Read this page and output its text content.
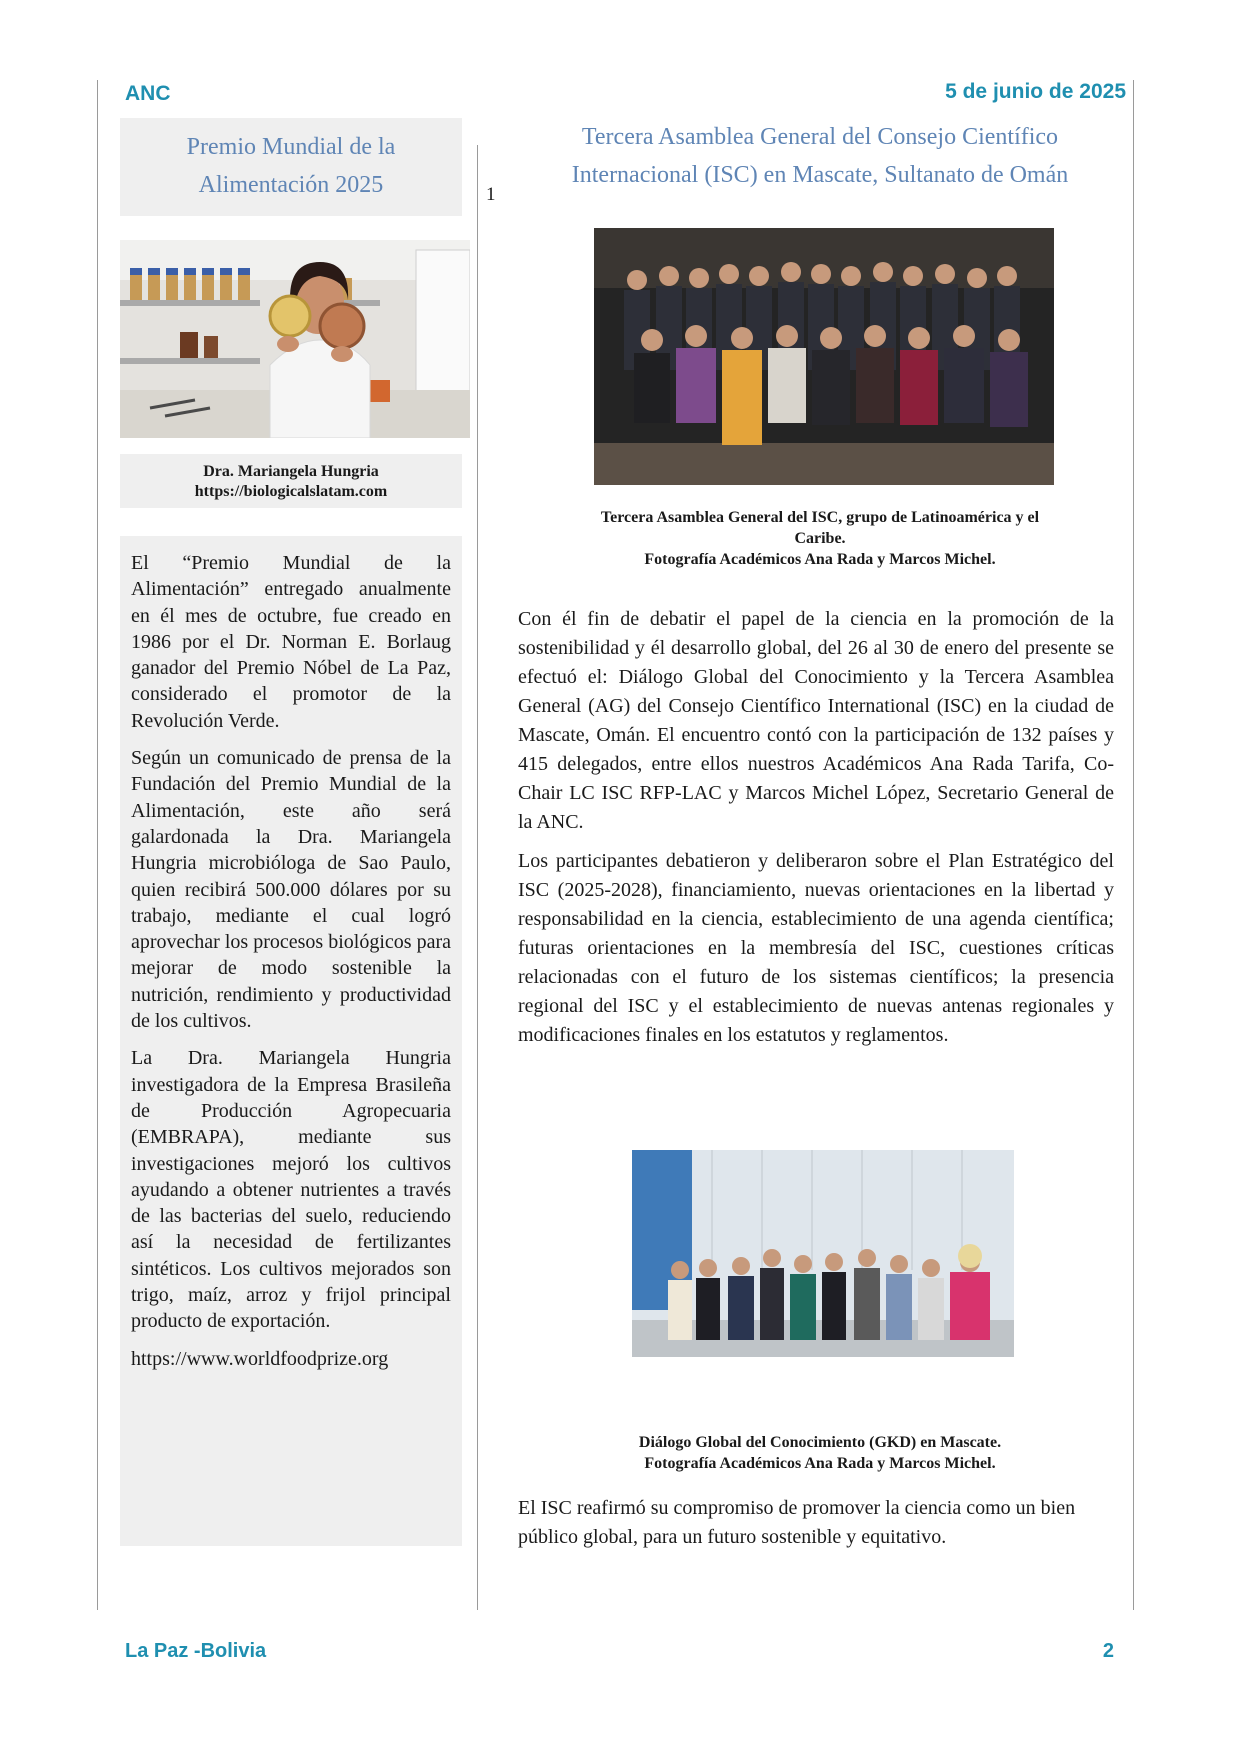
ANC	5 de junio de 2025
Premio Mundial de la
Alimentación 2025
Dra. Mariangela Hungria
https://biologicalslatam.com

El “Premio Mundial de la Alimentación” entregado anualmente en él mes de octubre, fue creado en 1986 por el Dr. Norman E. Borlaug ganador del Premio Nóbel de La Paz, considerado el promotor de la Revolución Verde.

Según un comunicado de prensa de la Fundación del Premio Mundial de la Alimentación, este año será galardonada la Dra. Mariangela Hungria microbióloga de Sao Paulo, quien recibirá 500.000 dólares por su trabajo, mediante el cual logró aprovechar los procesos biológicos para mejorar de modo sostenible la nutrición, rendimiento y productividad de los cultivos.

La Dra. Mariangela Hungria investigadora de la Empresa Brasileña de Producción Agropecuaria (EMBRAPA), mediante sus investigaciones mejoró los cultivos ayudando a obtener nutrientes a través de las bacterias del suelo, reduciendo así la necesidad de fertilizantes sintéticos. Los cultivos mejorados son trigo, maíz, arroz y frijol principal producto de exportación.

https://www.worldfoodprize.org

1
Tercera Asamblea General del Consejo Científico
Internacional (ISC) en Mascate, Sultanato de Omán
Tercera Asamblea General del ISC, grupo de Latinoamérica y el
Caribe.
Fotografía Académicos Ana Rada y Marcos Michel.

Con él fin de debatir el papel de la ciencia en la promoción de la sostenibilidad y él desarrollo global, del 26 al 30 de enero del presente se efectuó el: Diálogo Global del Conocimiento y la Tercera Asamblea General (AG) del Consejo Científico International (ISC) en la ciudad de Mascate, Omán. El encuentro contó con la participación de 132 países y 415 delegados, entre ellos nuestros Académicos Ana Rada Tarifa, Co-Chair LC ISC RFP-LAC y Marcos Michel López, Secretario General de la ANC.

Los participantes debatieron y deliberaron sobre el Plan Estratégico del ISC (2025-2028), financiamiento, nuevas orientaciones en la libertad y responsabilidad en la ciencia, establecimiento de una agenda científica; futuras orientaciones en la membresía del ISC, cuestiones críticas relacionadas con el futuro de los sistemas científicos; la presencia regional del ISC y el establecimiento de nuevas antenas regionales y modificaciones finales en los estatutos y reglamentos.

Diálogo Global del Conocimiento (GKD) en Mascate.
Fotografía Académicos Ana Rada y Marcos Michel.
El ISC reafirmó su compromiso de promover la ciencia como un bien público global, para un futuro sostenible y equitativo.
La Paz -Bolivia	2
